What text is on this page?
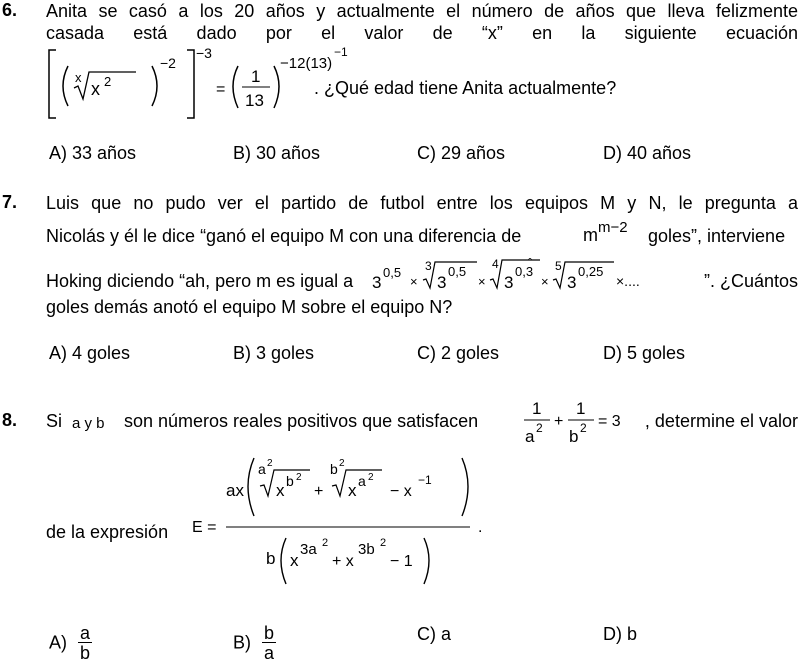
6. Anita se casó a los 20 años y actualmente el número de años que lleva felizmente
casada está dado por el valor de “x” en la siguiente ecuación
x
x 2
−2
−3
=
1
13
−12(13)
−1
. ¿Qué edad tiene Anita actualmente?
A) 33 años	B) 30 años	C) 29 años	D) 40 años
7. Luis que no pudo ver el partido de futbol entre los equipos M y N, le pregunta a
Nicolás y él le dice “ganó el equipo M con una diferencia de	mm−2 goles”, interviene
Hoking diciendo “ah, pero m es igual a	3
0,5
×
3
3
0,5
×
4
3
0,3
×
5
3
0,25
×....	”. ¿Cuántos
goles demás anotó el equipo M sobre el equipo N?
A) 4 goles	B) 3 goles	C) 2 goles	D) 5 goles
8. Si a y b	son números reales positivos que satisfacen
1
a 2 +
1
b 2 = 3	, determine el valor
de la expresión	E =
ax
a 2
x b 2
+
b 2
x a 2
− x
−1
b x
3a 2
+ x
3b 2
− 1
.
$A) \frac{a}{b}$	$B) \frac{b}{a}$	C) a	D) b
